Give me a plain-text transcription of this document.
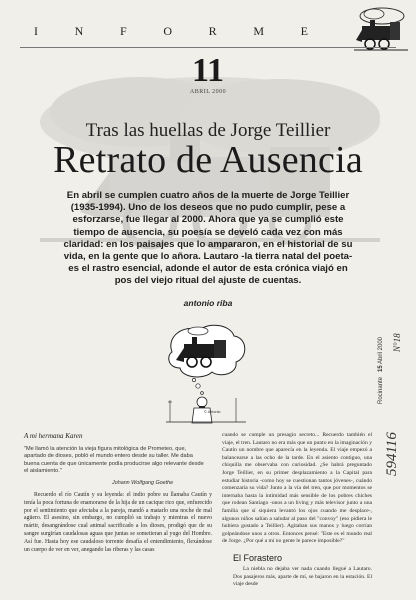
I	N	F	O	R	M	E
11
ABRIL 2000
Tras las huellas de Jorge Teillier
Retrato de Ausencia
En abril se cumplen cuatro años de la muerte de Jorge Teillier (1935-1994). Uno de los deseos que no pudo cumplir, pese a esforzarse, fue llegar al 2000. Ahora que ya se cumplió este tiempo de ausencia, su poesía se develó cada vez con más claridad: en los paisajes que lo ampararon, en el historial de su vida, en la gente que lo añora. Lautaro -la tierra natal del poeta- es el rastro esencial, adonde el autor de esta crónica viajó en pos del viejo ritual del ajuste de cuentas.
antonio riba
© Antonio
Rocinante
15
Abril 2000 N°18
594116
A mi hermana Karen
"Me llamó la atención la vieja figura mitológica de Prometeo, que, apartado de dioses, pobló el mundo entero desde su taller. Me daba buena cuenta de que únicamente podía producirse algo relevante desde el aislamiento."
Johann Wolfgang Goethe
Recuerdo el río Cautín y su leyenda: el indio pobre su llamaba Cautín y tenía la poca fortuna de enamorarse de la hija de un cacique rico que, enfurecido por el sentimiento que afectaba a la pareja, mandó a matarlo una noche de mal agüero. El asesino, sin embargo, no cumplió su trabajo y mientras el nuevo mártir, desangrándose cual animal sacrificado a los dioses, prodigó que de su sangre surgirían caudalosas aguas que juntas se sometieran al yugo del Hombre. Así fue. Hasta hoy ese caudaloso torrente desafía el entendimiento, flexándose un cuerpo de ver en ver, anegando las riberas y las casas
cuando se cumple un presagio secreto... Recuerdo también el viaje, el tren. Lautaro no era más que un punto en la imaginación y Cautín un nombre que aparecía en la leyenda. El viaje empezó a balancearse a las ocho de la tarde. En el asiento contiguo, una chiquilla me observaba con curiosidad. ¿Se habrá preguntado Jorge Teillier, en su primer desplazamiento a la Capital para estudiar historia -como hoy se cuestionan tantos jóvenes-, cuándo comenzaría su vida? Junto a la vía del tren, que por momentos se internaba hasta la intimidad más sensible de los pobres chiches que rodean Santiago -unos a un living y más televisor junto a una familia que sí siquiera levantó los ojos cuando me desplace-, algunos niños salían a saludar al paso del "convoy" (eso pidiera le hubiera gustado a Teillier). Agitaban sus manos y luego corrían golpeándose unos a otros. Entonces pensé: "Este es el mundo real de Jorge. ¿Por qué a mí no gente le parece imposible?"
El Forastero
La niebla no dejaba ver nada cuando llegué a Lautaro. Dos pasajeros más, aparte de mí, se bajaron en la estación. El viaje desde
